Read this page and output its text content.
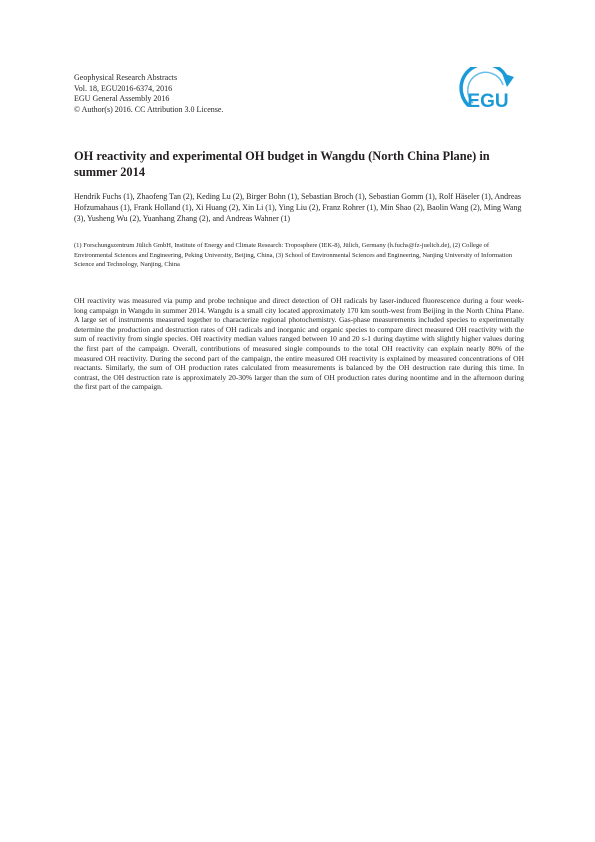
Geophysical Research Abstracts
Vol. 18, EGU2016-6374, 2016
EGU General Assembly 2016
© Author(s) 2016. CC Attribution 3.0 License.	EGU
OH reactivity and experimental OH budget in Wangdu (North China Plane) in summer 2014

Hendrik Fuchs (1), Zhaofeng Tan (2), Keding Lu (2), Birger Bohn (1), Sebastian Broch (1), Sebastian Gomm (1), Rolf Häseler (1), Andreas Hofzumahaus (1), Frank Holland (1), Xi Huang (2), Xin Li (1), Ying Liu (2), Franz Rohrer (1), Min Shao (2), Baolin Wang (2), Ming Wang (3), Yusheng Wu (2), Yuanhang Zhang (2), and Andreas Wahner (1)

(1) Forschungszentrum Jülich GmbH, Institute of Energy and Climate Research: Troposphere (IEK-8), Jülich, Germany (h.fuchs@fz-juelich.de), (2) College of Environmental Sciences and Engineering, Peking University, Beijing, China, (3) School of Environmental Sciences and Engineering, Nanjing University of Information Science and Technology, Nanjing, China

OH reactivity was measured via pump and probe technique and direct detection of OH radicals by laser-induced fluorescence during a four week-long campaign in Wangdu in summer 2014. Wangdu is a small city located approximately 170 km south-west from Beijing in the North China Plane. A large set of instruments measured together to characterize regional photochemistry. Gas-phase measurements included species to experimentally determine the production and destruction rates of OH radicals and inorganic and organic species to compare direct measured OH reactivity with the sum of reactivity from single species. OH reactivity median values ranged between 10 and 20 s-1 during daytime with slightly higher values during the first part of the campaign. Overall, contributions of measured single compounds to the total OH reactivity can explain nearly 80% of the measured OH reactivity. During the second part of the campaign, the entire measured OH reactivity is explained by measured concentrations of OH reactants. Similarly, the sum of OH production rates calculated from measurements is balanced by the OH destruction rate during this time. In contrast, the OH destruction rate is approximately 20-30% larger than the sum of OH production rates during noontime and in the afternoon during the first part of the campaign.
